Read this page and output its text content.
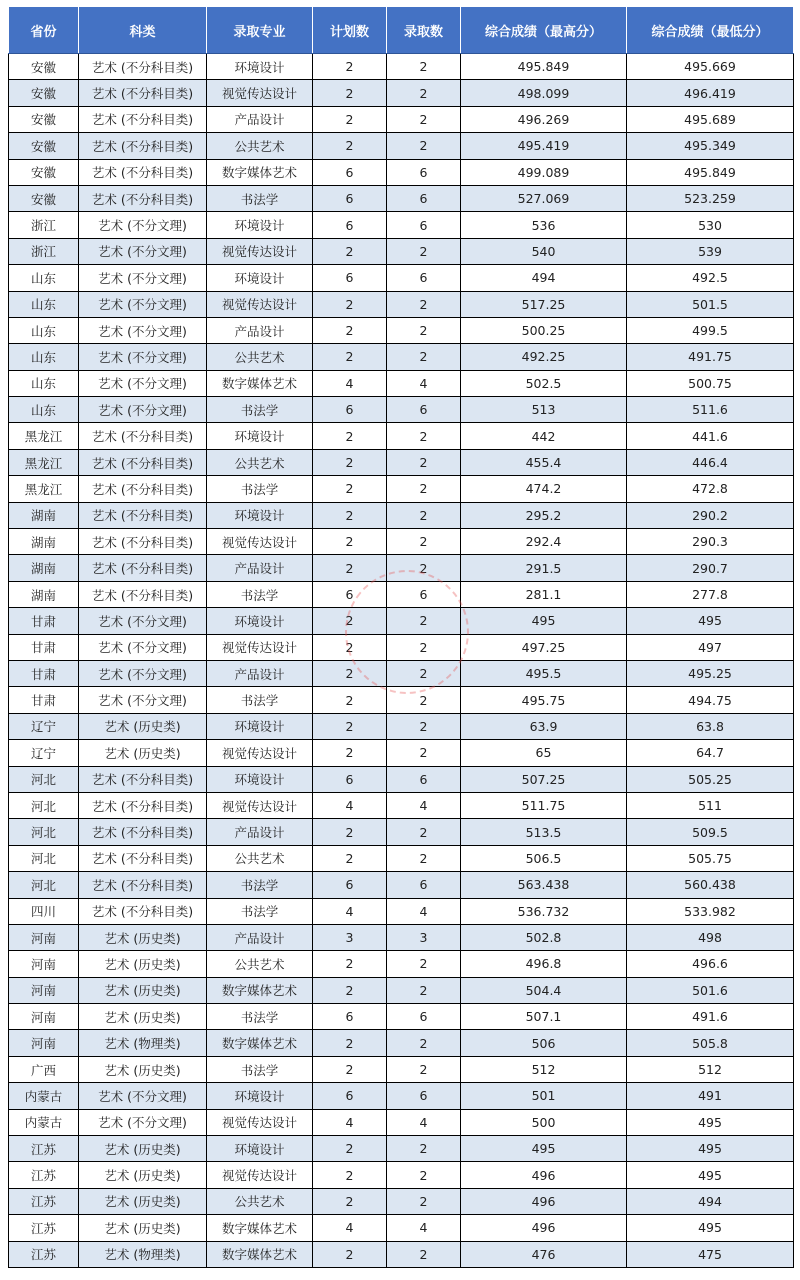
省份	科类	录取专业	计划数	录取数	综合成绩（最高分）	综合成绩（最低分）
安徽	艺术 (不分科目类)	环境设计	2	2	495.849	495.669
安徽	艺术 (不分科目类)	视觉传达设计	2	2	498.099	496.419
安徽	艺术 (不分科目类)	产品设计	2	2	496.269	495.689
安徽	艺术 (不分科目类)	公共艺术	2	2	495.419	495.349
安徽	艺术 (不分科目类)	数字媒体艺术	6	6	499.089	495.849
安徽	艺术 (不分科目类)	书法学	6	6	527.069	523.259
浙江	艺术 (不分文理)	环境设计	6	6	536	530
浙江	艺术 (不分文理)	视觉传达设计	2	2	540	539
山东	艺术 (不分文理)	环境设计	6	6	494	492.5
山东	艺术 (不分文理)	视觉传达设计	2	2	517.25	501.5
山东	艺术 (不分文理)	产品设计	2	2	500.25	499.5
山东	艺术 (不分文理)	公共艺术	2	2	492.25	491.75
山东	艺术 (不分文理)	数字媒体艺术	4	4	502.5	500.75
山东	艺术 (不分文理)	书法学	6	6	513	511.6
黑龙江	艺术 (不分科目类)	环境设计	2	2	442	441.6
黑龙江	艺术 (不分科目类)	公共艺术	2	2	455.4	446.4
黑龙江	艺术 (不分科目类)	书法学	2	2	474.2	472.8
湖南	艺术 (不分科目类)	环境设计	2	2	295.2	290.2
湖南	艺术 (不分科目类)	视觉传达设计	2	2	292.4	290.3
湖南	艺术 (不分科目类)	产品设计	2	2	291.5	290.7
湖南	艺术 (不分科目类)	书法学	6	6	281.1	277.8
甘肃	艺术 (不分文理)	环境设计	2	2	495	495
甘肃	艺术 (不分文理)	视觉传达设计	2	2	497.25	497
甘肃	艺术 (不分文理)	产品设计	2	2	495.5	495.25
甘肃	艺术 (不分文理)	书法学	2	2	495.75	494.75
辽宁	艺术 (历史类)	环境设计	2	2	63.9	63.8
辽宁	艺术 (历史类)	视觉传达设计	2	2	65	64.7
河北	艺术 (不分科目类)	环境设计	6	6	507.25	505.25
河北	艺术 (不分科目类)	视觉传达设计	4	4	511.75	511
河北	艺术 (不分科目类)	产品设计	2	2	513.5	509.5
河北	艺术 (不分科目类)	公共艺术	2	2	506.5	505.75
河北	艺术 (不分科目类)	书法学	6	6	563.438	560.438
四川	艺术 (不分科目类)	书法学	4	4	536.732	533.982
河南	艺术 (历史类)	产品设计	3	3	502.8	498
河南	艺术 (历史类)	公共艺术	2	2	496.8	496.6
河南	艺术 (历史类)	数字媒体艺术	2	2	504.4	501.6
河南	艺术 (历史类)	书法学	6	6	507.1	491.6
河南	艺术 (物理类)	数字媒体艺术	2	2	506	505.8
广西	艺术 (历史类)	书法学	2	2	512	512
内蒙古	艺术 (不分文理)	环境设计	6	6	501	491
内蒙古	艺术 (不分文理)	视觉传达设计	4	4	500	495
江苏	艺术 (历史类)	环境设计	2	2	495	495
江苏	艺术 (历史类)	视觉传达设计	2	2	496	495
江苏	艺术 (历史类)	公共艺术	2	2	496	494
江苏	艺术 (历史类)	数字媒体艺术	4	4	496	495
江苏	艺术 (物理类)	数字媒体艺术	2	2	476	475
